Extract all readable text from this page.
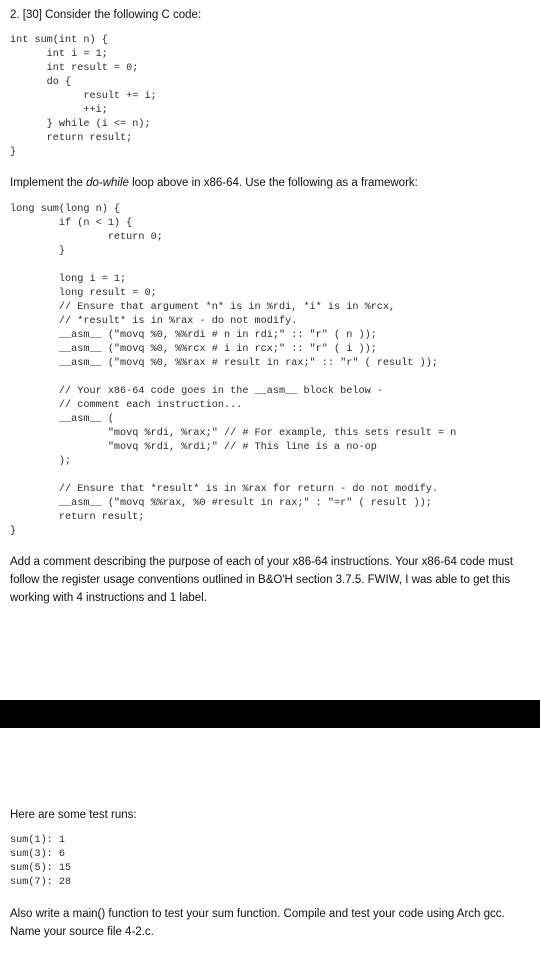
2. [30] Consider the following C code:
int sum(int n) {
int i = 1;
int result = 0;
do {
result += i;
++i;
} while (i <= n);
return result;
}
Implement the do-while loop above in x86-64. Use the following as a framework:
long sum(long n) {
if (n < 1) {
return 0;
}
long i = 1;
long result = 0;
// Ensure that argument *n* is in %rdi, *i* is in %rcx,
// *result* is in %rax - do not modify.
__asm__ ("movq %0, %%rdi # n in rdi;" :: "r" ( n ));
__asm__ ("movq %0, %%rcx # i in rcx;" :: "r" ( i ));
__asm__ ("movq %0, %%rax # result in rax;" :: "r" ( result ));
// Your x86-64 code goes in the __asm__ block below -
// comment each instruction...
__asm__ (
"movq %rdi, %rax;" // # For example, this sets result = n
"movq %rdi, %rdi;" // # This line is a no-op
);
// Ensure that *result* is in %rax for return - do not modify.
__asm__ ("movq %%rax, %0 #result in rax;" : "=r" ( result ));
return result;
}
Add a comment describing the purpose of each of your x86-64 instructions. Your x86-64 code must follow the register usage conventions outlined in B&O'H section 3.7.5. FWIW, I was able to get this working with 4 instructions and 1 label.
Here are some test runs:
sum(1): 1
sum(3): 6
sum(5): 15
sum(7): 28
Also write a main() function to test your sum function. Compile and test your code using Arch gcc. Name your source file 4-2.c.
